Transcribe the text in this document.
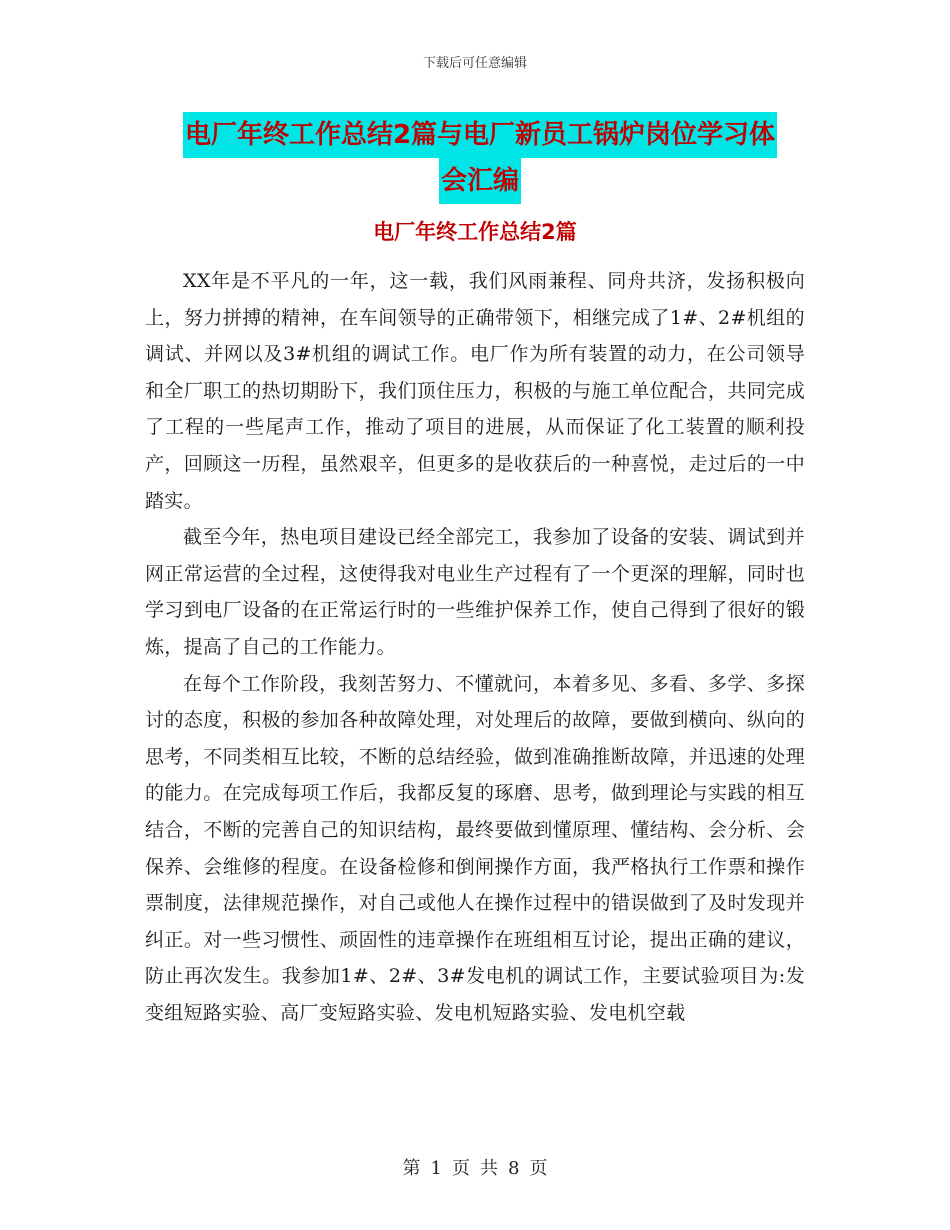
下载后可任意编辑
电厂年终工作总结2篇与电厂新员工锅炉岗位学习体
会汇编
电厂年终工作总结2篇

XX年是不平凡的一年，这一载，我们风雨兼程、同舟共济，发扬积极向上，努力拼搏的精神，在车间领导的正确带领下，相继完成了1#、2#机组的调试、并网以及3#机组的调试工作。电厂作为所有装置的动力，在公司领导和全厂职工的热切期盼下，我们顶住压力，积极的与施工单位配合，共同完成了工程的一些尾声工作，推动了项目的进展，从而保证了化工装置的顺利投产，回顾这一历程，虽然艰辛，但更多的是收获后的一种喜悦，走过后的一中踏实。

截至今年，热电项目建设已经全部完工，我参加了设备的安装、调试到并网正常运营的全过程，这使得我对电业生产过程有了一个更深的理解，同时也学习到电厂设备的在正常运行时的一些维护保养工作，使自己得到了很好的锻炼，提高了自己的工作能力。

在每个工作阶段，我刻苦努力、不懂就问，本着多见、多看、多学、多探讨的态度，积极的参加各种故障处理，对处理后的故障，要做到横向、纵向的思考，不同类相互比较，不断的总结经验，做到准确推断故障，并迅速的处理的能力。在完成每项工作后，我都反复的琢磨、思考，做到理论与实践的相互结合，不断的完善自己的知识结构，最终要做到懂原理、懂结构、会分析、会保养、会维修的程度。在设备检修和倒闸操作方面，我严格执行工作票和操作票制度，法律规范操作，对自己或他人在操作过程中的错误做到了及时发现并纠正。对一些习惯性、顽固性的违章操作在班组相互讨论，提出正确的建议，防止再次发生。我参加1#、2#、3#发电机的调试工作，主要试验项目为:发变组短路实验、高厂变短路实验、发电机短路实验、发电机空载

第 1 页 共 8 页
